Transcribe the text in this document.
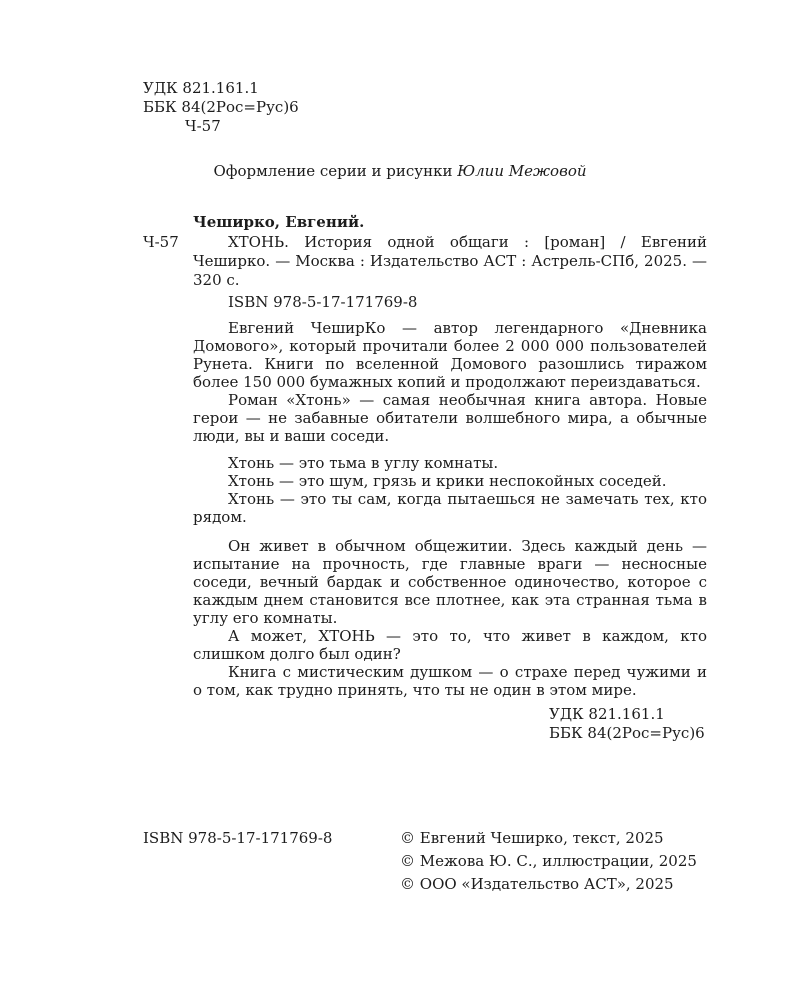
УДК 821.161.1
ББК 84(2Рос=Рус)6
Ч-57
Оформление серии и рисунки Юлии Межовой
Чеширко, Евгений.
Ч-57	ХТОНЬ. История одной общаги : [роман] / Евгений Чеширко. — Москва : Издательство АСТ : Астрель-СПб, 2025. — 320 с.
ISBN 978-5-17-171769-8

Евгений ЧеширКо — автор легендарного «Дневника Домового», который прочитали более 2 000 000 пользователей Рунета. Книги по вселенной Домового разошлись тиражом более 150 000 бумажных копий и продолжают переиздаваться.

Роман «Хтонь» — самая необычная книга автора. Новые герои — не забавные обитатели волшебного мира, а обычные люди, вы и ваши соседи.

Хтонь — это тьма в углу комнаты.

Хтонь — это шум, грязь и крики неспокойных соседей.

Хтонь — это ты сам, когда пытаешься не замечать тех, кто рядом.

Он живет в обычном общежитии. Здесь каждый день — испытание на прочность, где главные враги — несносные соседи, вечный бардак и собственное одиночество, которое с каждым днем становится все плотнее, как эта странная тьма в углу его комнаты.

А может, ХТОНЬ — это то, что живет в каждом, кто слишком долго был один?

Книга с мистическим душком — о страхе перед чужими и о том, как трудно принять, что ты не один в этом мире.

УДК 821.161.1
ББК 84(2Рос=Рус)6
ISBN 978-5-17-171769-8	© Евгений Чеширко, текст, 2025
© Межова Ю. С., иллюстрации, 2025
© ООО «Издательство АСТ», 2025
